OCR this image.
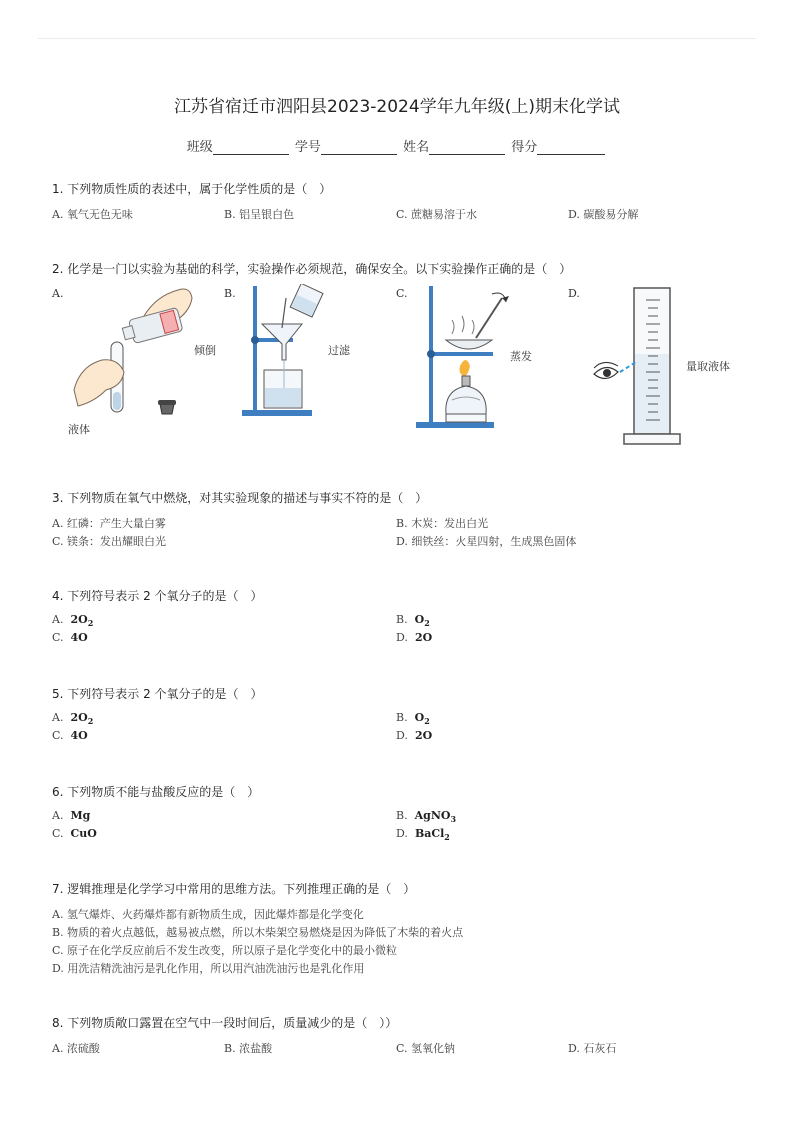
江苏省宿迁市泗阳县2023-2024学年九年级(上)期末化学试
班级	学号	姓名	得分
1. 下列物质性质的表述中，属于化学性质的是（　）
A. 氧气无色无味	B. 铝呈银白色	C. 蔗糖易溶于水	D. 碳酸易分解
2. 化学是一门以实验为基础的科学，实验操作必须规范，确保安全。以下实验操作正确的是（　）
A.	B.	C.	D.
倾倒
液体
过滤	蒸发
量取液体
3. 下列物质在氧气中燃烧，对其实验现象的描述与事实不符的是（　）
A. 红磷：产生大量白雾	B. 木炭：发出白光
C. 镁条：发出耀眼白光	D. 细铁丝：火星四射，生成黑色固体
4. 下列符号表示 2 个氧分子的是（　）
A. $2O_2$	B. $O_2$
C. 4O	D. 2O
5. 下列符号表示 2 个氧分子的是（　）
A. $2O_2$	B. $O_2$
C. 4O	D. 2O
6. 下列物质不能与盐酸反应的是（　）
A. Mg	B. AgNO$_3$
C. CuO	D. BaCl$_2$
7. 逻辑推理是化学学习中常用的思维方法。下列推理正确的是（　）
A. 氢气爆炸、火药爆炸都有新物质生成，因此爆炸都是化学变化
B. 物质的着火点越低，越易被点燃，所以木柴架空易燃烧是因为降低了木柴的着火点
C. 原子在化学反应前后不发生改变，所以原子是化学变化中的最小微粒
D. 用洗洁精洗油污是乳化作用，所以用汽油洗油污也是乳化作用
8. 下列物质敞口露置在空气中一段时间后，质量减少的是（　））
A. 浓硫酸	B. 浓盐酸	C. 氢氧化钠	D. 石灰石
